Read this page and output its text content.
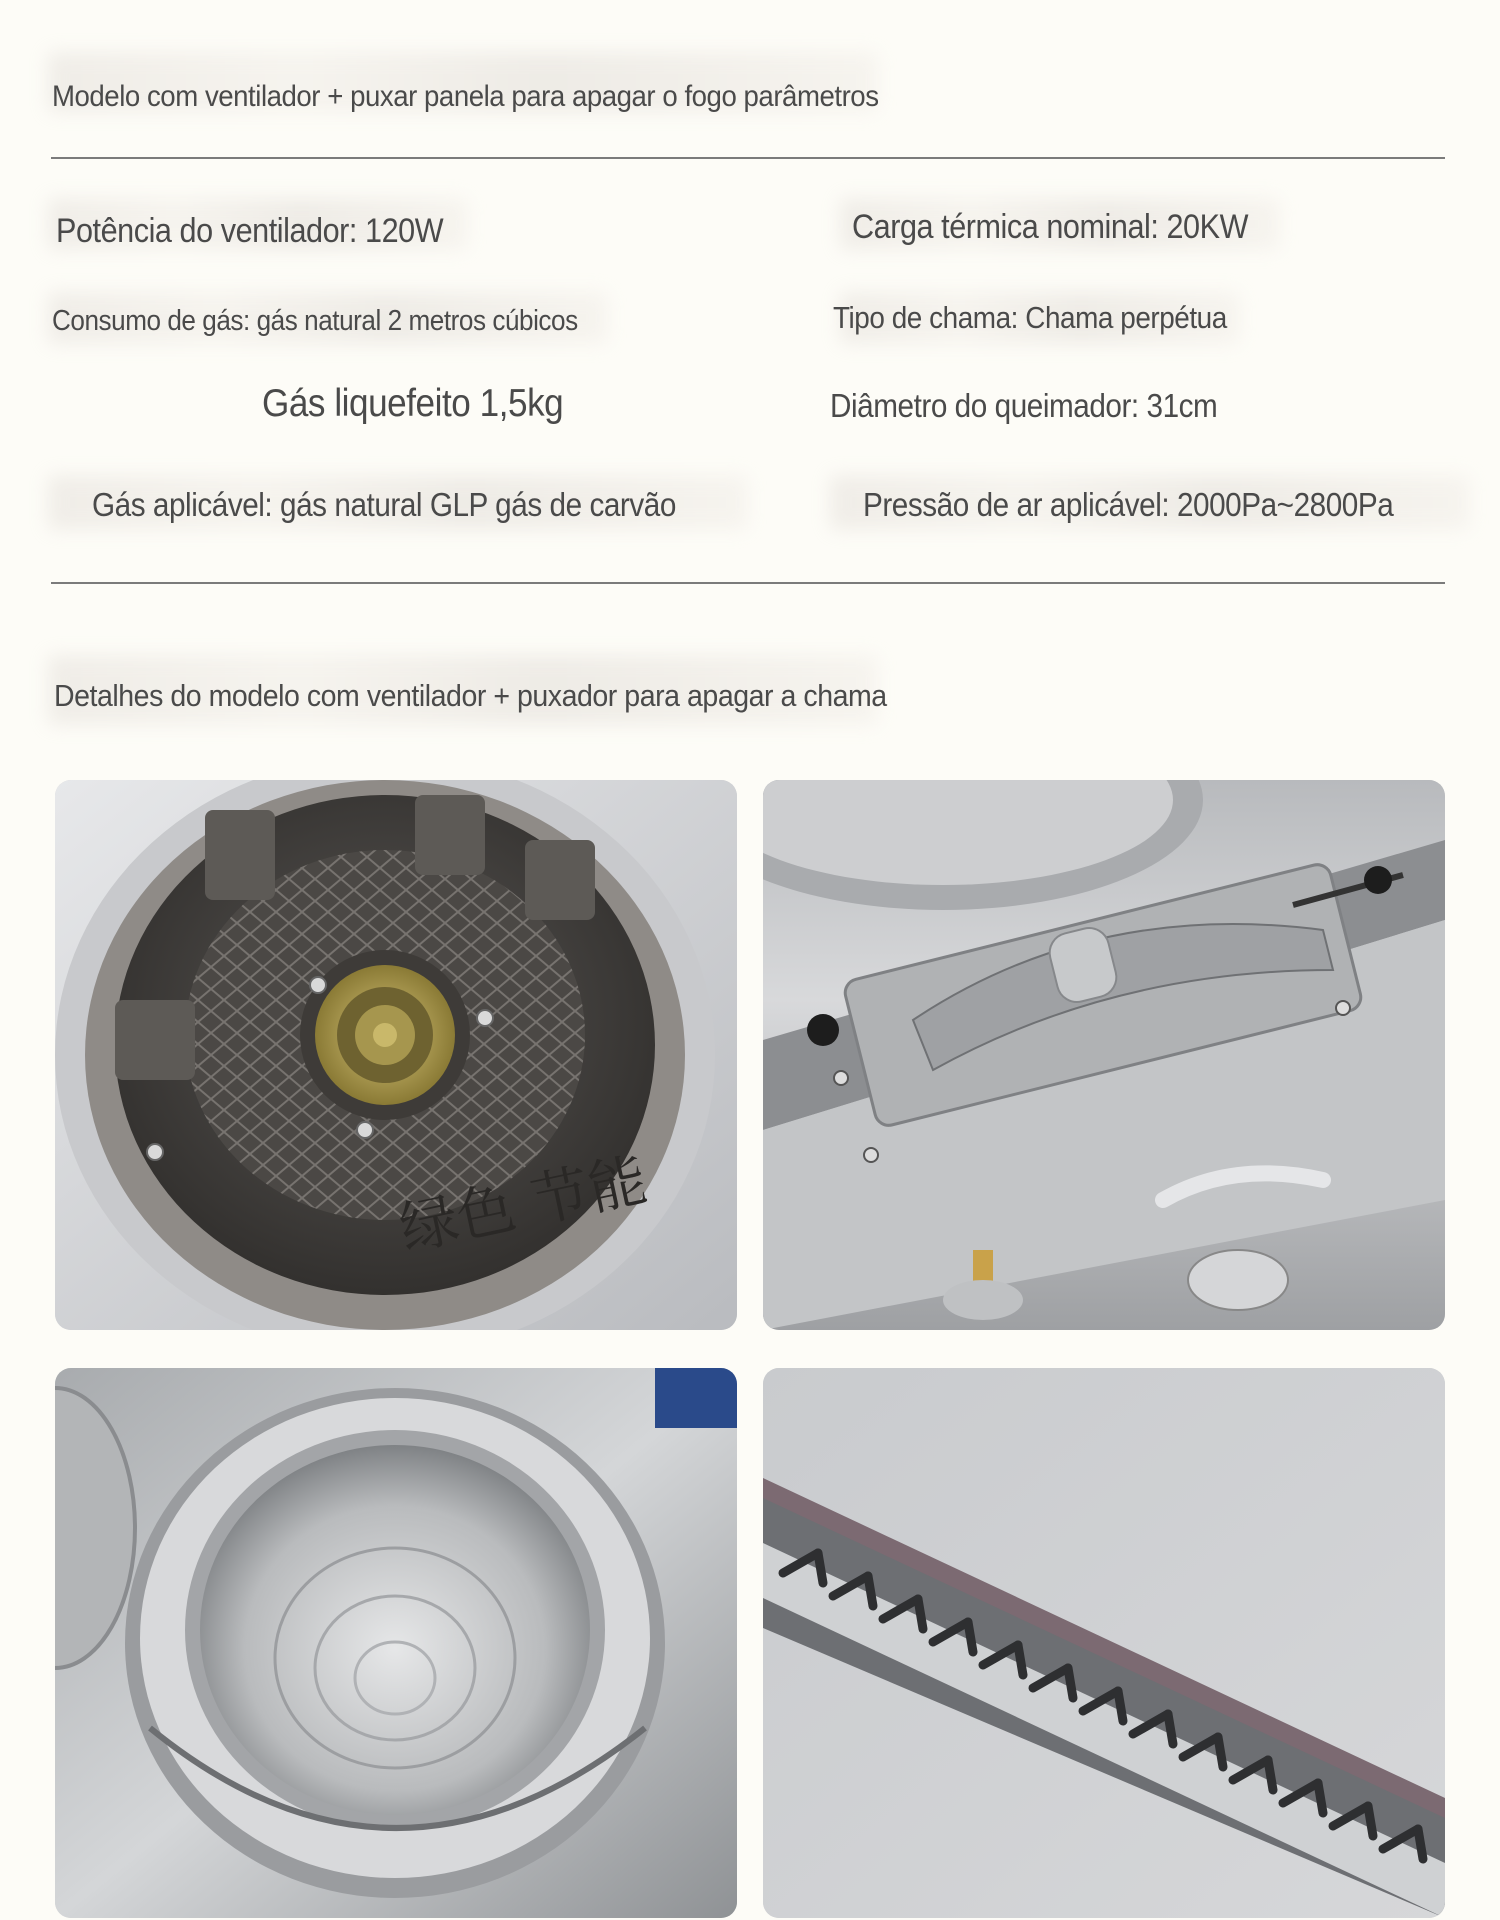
Modelo com ventilador + puxar panela para apagar o fogo parâmetros
Potência do ventilador: 120W	Carga térmica nominal: 20KW
Consumo de gás: gás natural 2 metros cúbicos	Tipo de chama: Chama perpétua
Gás liquefeito 1,5kg	Diâmetro do queimador: 31cm
Gás aplicável: gás natural GLP gás de carvão	Pressão de ar aplicável: 2000Pa~2800Pa
Detalhes do modelo com ventilador + puxador para apagar a chama
绿色 节能
